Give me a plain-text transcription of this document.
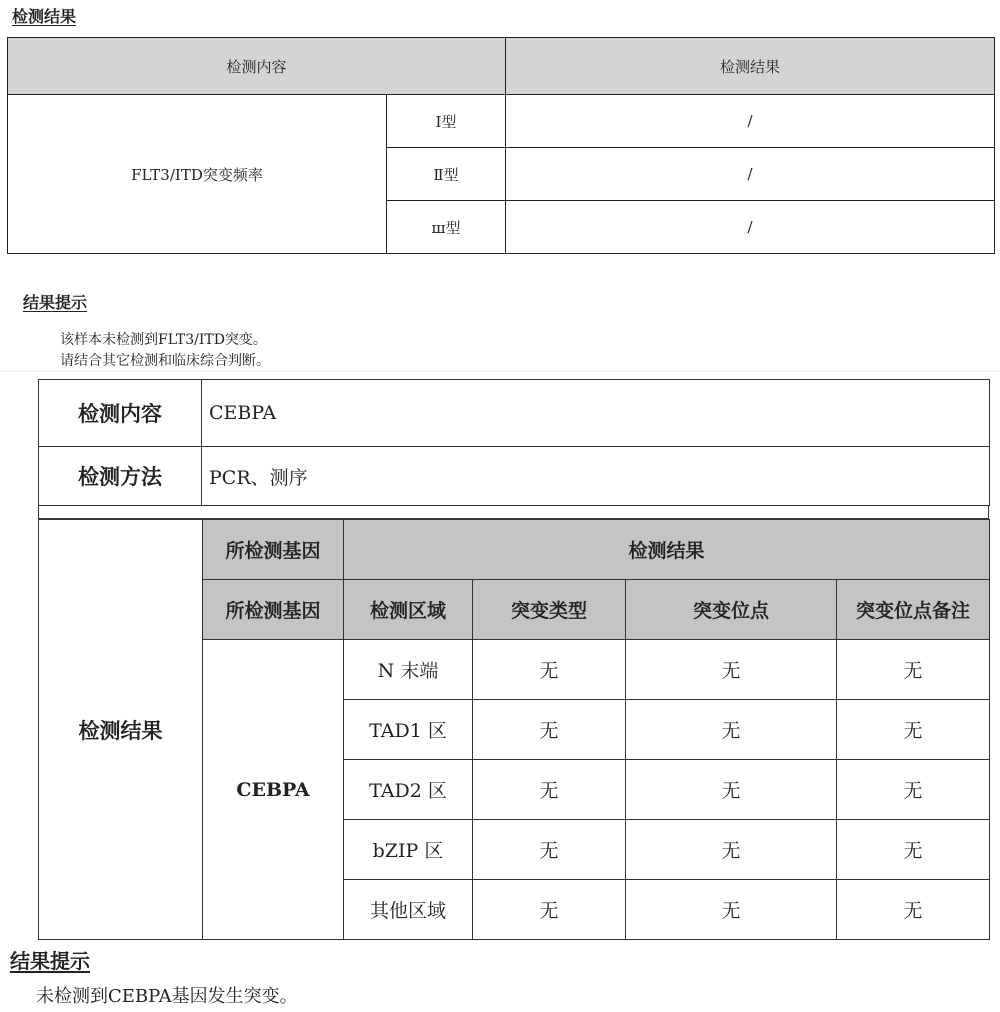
检测结果
检测内容		检测结果
FLT3/ITD突变频率	Ⅰ型	/
	Ⅱ型	/
	ш型	/
结果提示
该样本未检测到FLT3/ITD突变。
请结合其它检测和临床综合判断。
检测内容	CEBPA
检测方法	PCR、测序
检测结果	所检测基因	检测结果			
	所检测基因	检测区域	突变类型	突变位点	突变位点备注
	CEBPA	N 末端	无	无	无
		TAD1 区	无	无	无
		TAD2 区	无	无	无
		bZIP 区	无	无	无
		其他区域	无	无	无
结果提示
未检测到CEBPA基因发生突变。
